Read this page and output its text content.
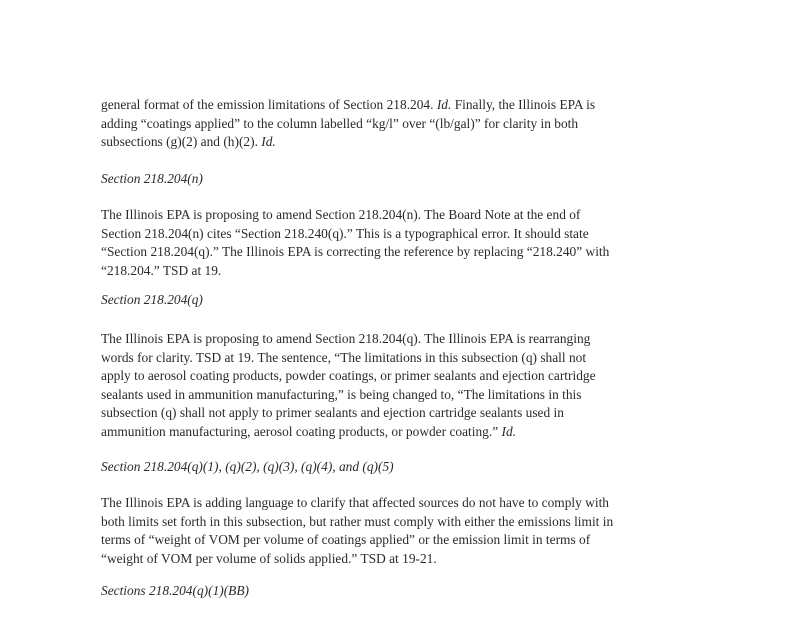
general format of the emission limitations of Section 218.204. Id. Finally, the Illinois EPA is
adding “coatings applied” to the column labelled “kg/l” over “(lb/gal)” for clarity in both
subsections (g)(2) and (h)(2). Id.
Section 218.204(n)
The Illinois EPA is proposing to amend Section 218.204(n). The Board Note at the end of
Section 218.204(n) cites “Section 218.240(q).” This is a typographical error. It should state
“Section 218.204(q).” The Illinois EPA is correcting the reference by replacing “218.240” with
“218.204.” TSD at 19.
Section 218.204(q)
The Illinois EPA is proposing to amend Section 218.204(q). The Illinois EPA is rearranging
words for clarity. TSD at 19. The sentence, “The limitations in this subsection (q) shall not
apply to aerosol coating products, powder coatings, or primer sealants and ejection cartridge
sealants used in ammunition manufacturing,” is being changed to, “The limitations in this
subsection (q) shall not apply to primer sealants and ejection cartridge sealants used in
ammunition manufacturing, aerosol coating products, or powder coating.” Id.
Section 218.204(q)(1), (q)(2), (q)(3), (q)(4), and (q)(5)
The Illinois EPA is adding language to clarify that affected sources do not have to comply with
both limits set forth in this subsection, but rather must comply with either the emissions limit in
terms of “weight of VOM per volume of coatings applied” or the emission limit in terms of
“weight of VOM per volume of solids applied.” TSD at 19-21.
Sections 218.204(q)(1)(BB)
